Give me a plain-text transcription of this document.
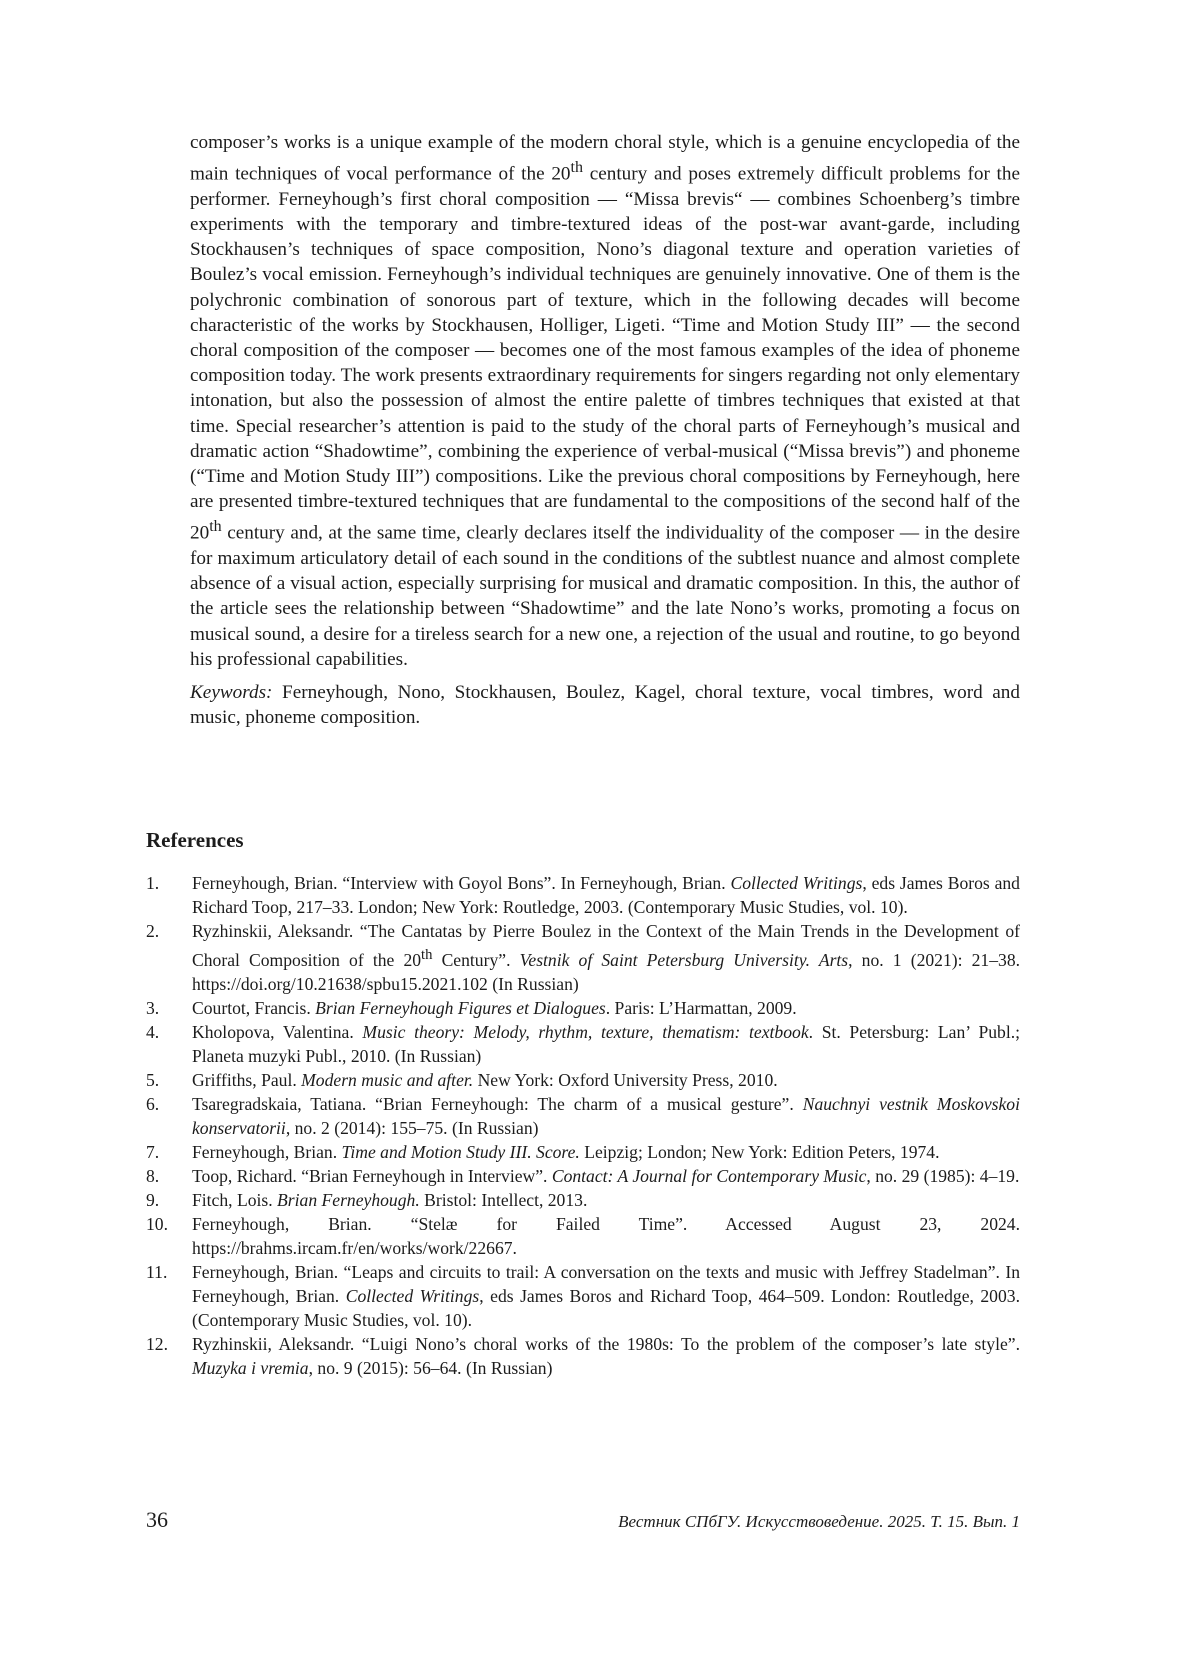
composer’s works is a unique example of the modern choral style, which is a genuine encyclopedia of the main techniques of vocal performance of the 20th century and poses extremely difficult problems for the performer. Ferneyhough’s first choral composition — “Missa brevis“ — combines Schoenberg’s timbre experiments with the temporary and timbre-textured ideas of the post-war avant-garde, including Stockhausen’s techniques of space composition, Nono’s diagonal texture and operation varieties of Boulez’s vocal emission. Ferneyhough’s individual techniques are genuinely innovative. One of them is the polychronic combination of sonorous part of texture, which in the following decades will become characteristic of the works by Stockhausen, Holliger, Ligeti. “Time and Motion Study III” — the second choral composition of the composer — becomes one of the most famous examples of the idea of phoneme composition today. The work presents extraordinary requirements for singers regarding not only elementary intonation, but also the possession of almost the entire palette of timbres techniques that existed at that time. Special researcher’s attention is paid to the study of the choral parts of Ferneyhough’s musical and dramatic action “Shadowtime”, combining the experience of verbal-musical (“Missa brevis”) and phoneme (“Time and Motion Study III”) compositions. Like the previous choral compositions by Ferneyhough, here are presented timbre-textured techniques that are fundamental to the compositions of the second half of the 20th century and, at the same time, clearly declares itself the individuality of the composer — in the desire for maximum articulatory detail of each sound in the conditions of the subtlest nuance and almost complete absence of a visual action, especially surprising for musical and dramatic composition. In this, the author of the article sees the relationship between “Shadowtime” and the late Nono’s works, promoting a focus on musical sound, a desire for a tireless search for a new one, a rejection of the usual and routine, to go beyond his professional capabilities.

Keywords: Ferneyhough, Nono, Stockhausen, Boulez, Kagel, choral texture, vocal timbres, word and music, phoneme composition.

References
1.	Ferneyhough, Brian. “Interview with Goyol Bons”. In Ferneyhough, Brian. Collected Writings, eds James Boros and Richard Toop, 217–33. London; New York: Routledge, 2003. (Contemporary Music Studies, vol. 10).
2.	Ryzhinskii, Aleksandr. “The Cantatas by Pierre Boulez in the Context of the Main Trends in the Development of Choral Composition of the 20th Century”. Vestnik of Saint Petersburg University. Arts, no. 1 (2021): 21–38. https://doi.org/10.21638/spbu15.2021.102 (In Russian)
3.	Courtot, Francis. Brian Ferneyhough Figures et Dialogues. Paris: L’Harmattan, 2009.
4.	Kholopova, Valentina. Music theory: Melody, rhythm, texture, thematism: textbook. St. Petersburg: Lan’ Publ.; Planeta muzyki Publ., 2010. (In Russian)
5.	Griffiths, Paul. Modern music and after. New York: Oxford University Press, 2010.
6.	Tsaregradskaia, Tatiana. “Brian Ferneyhough: The charm of a musical gesture”. Nauchnyi vestnik Moskovskoi konservatorii, no. 2 (2014): 155–75. (In Russian)
7.	Ferneyhough, Brian. Time and Motion Study III. Score. Leipzig; London; New York: Edition Peters, 1974.
8.	Toop, Richard. “Brian Ferneyhough in Interview”. Contact: A Journal for Contemporary Music, no. 29 (1985): 4–19.
9.	Fitch, Lois. Brian Ferneyhough. Bristol: Intellect, 2013.
10.	Ferneyhough, Brian. “Stelæ for Failed Time”. Accessed August 23, 2024. https://brahms.ircam.fr/en/works/work/22667.
11.	Ferneyhough, Brian. “Leaps and circuits to trail: A conversation on the texts and music with Jeffrey Stadelman”. In Ferneyhough, Brian. Collected Writings, eds James Boros and Richard Toop, 464–509. London: Routledge, 2003. (Contemporary Music Studies, vol. 10).
12.	Ryzhinskii, Aleksandr. “Luigi Nono’s choral works of the 1980s: To the problem of the composer’s late style”. Muzyka i vremia, no. 9 (2015): 56–64. (In Russian)
36	Вестник СПбГУ. Искусствоведение. 2025. Т. 15. Вып. 1
